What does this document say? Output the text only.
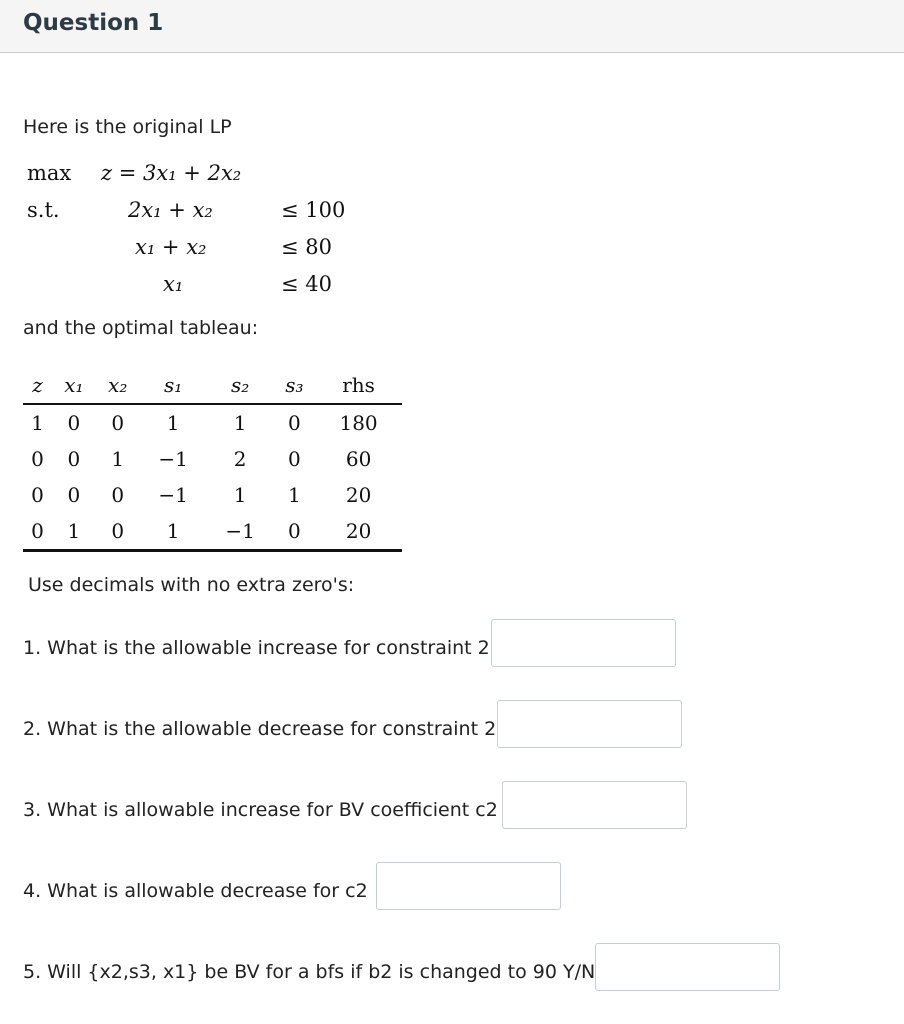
Question 1
Here is the original LP
max z = 3x₁ + 2x₂
s.t.	2x₁ + x₂	≤ 100
x₁ + x₂	≤ 80
x₁	≤ 40
and the optimal tableau:
z	x₁	x₂	s₁	s₂	s₃	rhs
1	0	0	1	1	0	180
0	0	1	−1	2	0	60
0	0	0	−1	1	1	20
0	1	0	1	−1	0	20
Use decimals with no extra zero's:
1. What is the allowable increase for constraint 2
2. What is the allowable decrease for constraint 2
3. What is allowable increase for BV coefficient c2
4. What is allowable decrease for c2
5. Will {x2,s3, x1} be BV for a bfs if b2 is changed to 90 Y/N
